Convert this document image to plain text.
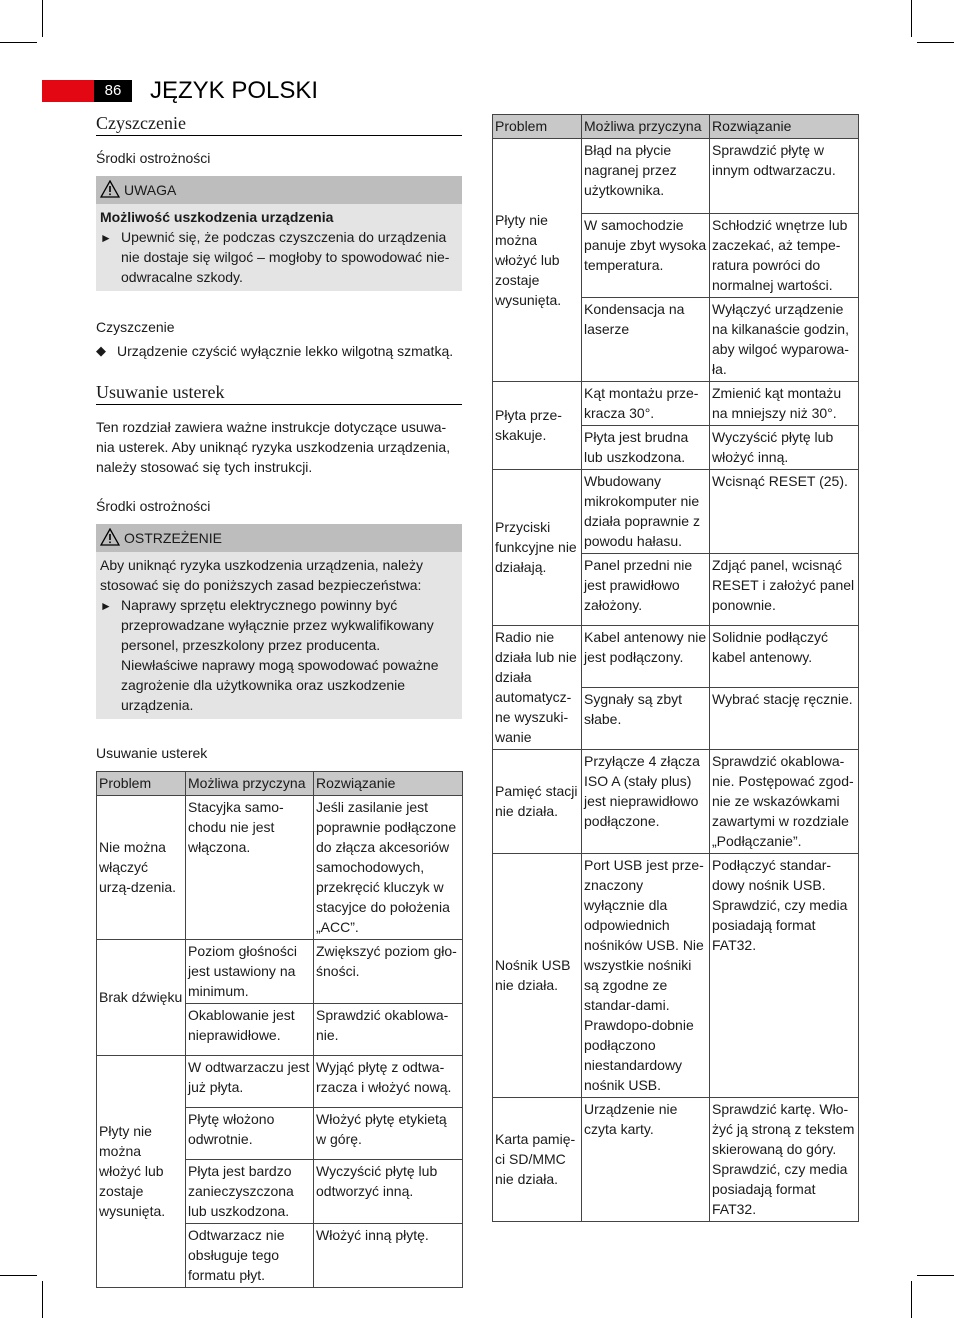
86	JĘZYK POLSKI
Czyszczenie
Środki ostrożności
UWAGA
Możliwość uszkodzenia urządzenia
► Upewnić się, że podczas czyszczenia do urządzenia nie dostaje się wilgoć – mogłoby to spowodować nie-odwracalne szkody.
Czyszczenie
◆ Urządzenie czyścić wyłącznie lekko wilgotną szmatką.
Usuwanie usterek

Ten rozdział zawiera ważne instrukcje dotyczące usuwa-nia usterek. Aby uniknąć ryzyka uszkodzenia urządzenia, należy stosować się tych instrukcji.

Środki ostrożności
OSTRZEŻENIE
Aby uniknąć ryzyka uszkodzenia urządzenia, należy stosować się do poniższych zasad bezpieczeństwa:
► Naprawy sprzętu elektrycznego powinny być przeprowadzane wyłącznie przez wykwalifikowany personel, przeszkolony przez producenta. Niewłaściwe naprawy mogą spowodować poważne zagrożenie dla użytkownika oraz uszkodzenie urządzenia.
Usuwanie usterek
Problem	Możliwa przyczyna	Rozwiązanie
Nie można włączyć urzą-dzenia.	Stacyjka samo-chodu nie jest włączona.	Jeśli zasilanie jest poprawnie podłączone do złącza akcesoriów samochodowych, przekręcić kluczyk w stacyjce do położenia „ACC”.
Brak dźwięku	Poziom głośności jest ustawiony na minimum.	Zwiększyć poziom gło-śności.
	Okablowanie jest nieprawidłowe.	Sprawdzić okablowa-nie.
Płyty nie można włożyć lub zostaje wysunięta.	W odtwarzaczu jest już płyta.	Wyjąć płytę z odtwa-rzacza i włożyć nową.
	Płytę włożono odwrotnie.	Włożyć płytę etykietą w górę.
	Płyta jest bardzo zanieczyszczona lub uszkodzona.	Wyczyścić płytę lub odtworzyć inną.
	Odtwarzacz nie obsługuje tego formatu płyt.	Włożyć inną płytę.
Problem	Możliwa przyczyna	Rozwiązanie
Płyty nie można włożyć lub zostaje wysunięta.	Błąd na płycie nagranej przez użytkownika.	Sprawdzić płytę w innym odtwarzaczu.
	W samochodzie panuje zbyt wysoka temperatura.	Schłodzić wnętrze lub zaczekać, aż tempe-ratura powróci do normalnej wartości.
	Kondensacja na laserze	Wyłączyć urządzenie na kilkanaście godzin, aby wilgoć wyparowa-ła.
Płyta prze-skakuje.	Kąt montażu prze-kracza 30°.	Zmienić kąt montażu na mniejszy niż 30°.
	Płyta jest brudna lub uszkodzona.	Wyczyścić płytę lub włożyć inną.
Przyciski funkcyjne nie działają.	Wbudowany mikrokomputer nie działa poprawnie z powodu hałasu.	Wcisnąć RESET (25).
	Panel przedni nie jest prawidłowo założony.	Zdjąć panel, wcisnąć RESET i założyć panel ponownie.
Radio nie działa lub nie działa automatycz-ne wyszuki-wanie	Kabel antenowy nie jest podłączony.	Solidnie podłączyć kabel antenowy.
	Sygnały są zbyt słabe.	Wybrać stację ręcznie.
Pamięć stacji nie działa.	Przyłącze 4 złącza ISO A (stały plus) jest nieprawidłowo podłączone.	Sprawdzić okablowa-nie. Postępować zgod-nie ze wskazówkami zawartymi w rozdziale „Podłączanie”.
Nośnik USB nie działa.	Port USB jest prze-znaczony wyłącznie dla odpowiednich nośników USB. Nie wszystkie nośniki są zgodne ze standar-dami. Prawdopo-dobnie podłączono niestandardowy nośnik USB.	Podłączyć standar-dowy nośnik USB. Sprawdzić, czy media posiadają format FAT32.
Karta pamię-ci SD/MMC nie działa.	Urządzenie nie czyta karty.	Sprawdzić kartę. Wło-żyć ją stroną z tekstem skierowaną do góry. Sprawdzić, czy media posiadają format FAT32.
